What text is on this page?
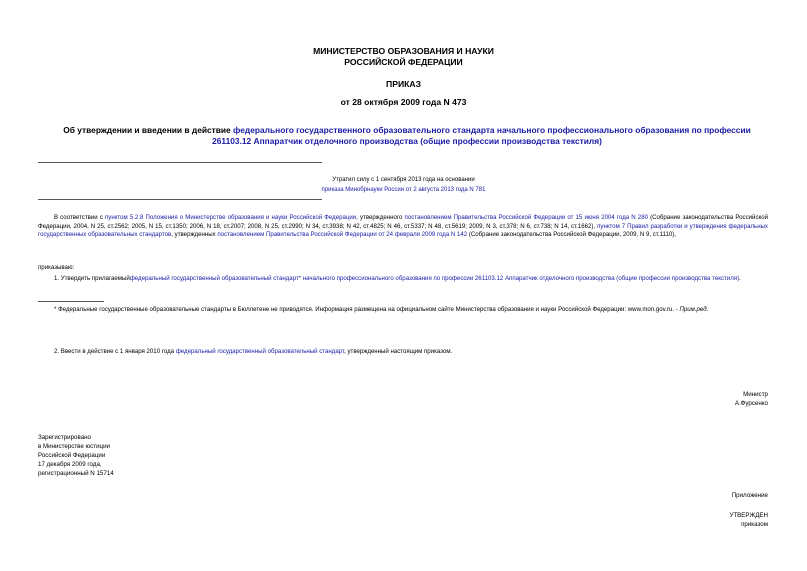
МИНИСТЕРСТВО ОБРАЗОВАНИЯ И НАУКИ
РОССИЙСКОЙ ФЕДЕРАЦИИ
ПРИКАЗ
от 28 октября 2009 года N 473
Об утверждении и введении в действие федерального государственного образовательного стандарта начального профессионального образования по профессии 261103.12 Аппаратчик отделочного производства (общие профессии производства текстиля)
Утратил силу с 1 сентября 2013 года на основании
приказа Минобрнауки России от 2 августа 2013 года N 781
В соответствии с пунктом 5.2.8 Положения о Министерстве образования и науки Российской Федерации, утвержденного постановлением Правительства Российской Федерации от 15 июня 2004 года N 280 (Собрание законодательства Российской Федерации, 2004, N 25, ст.2562; 2005, N 15, ст.1350; 2006, N 18, ст.2007; 2008, N 25, ст.2990; N 34, ст.3938; N 42, ст.4825; N 46, ст.5337; N 48, ст.5619; 2009, N 3, ст.378; N 6, ст.738; N 14, ст.1662), пунктом 7 Правил разработки и утверждения федеральных государственных образовательных стандартов, утвержденных постановлением Правительства Российской Федерации от 24 февраля 2009 года N 142 (Собрание законодательства Российской Федерации, 2009, N 9, ст.1110),
приказываю:
1. Утвердить прилагаемыйфедеральный государственный образовательный стандарт* начального профессионального образования по профессии 261103.12 Аппаратчик отделочного производства (общие профессии производства текстиля).
* Федеральные государственные образовательные стандарты в Бюллетене не приводятся. Информация размещена на официальном сайте Министерства образования и науки Российской Федерации: www.mon.gov.ru. - Прим.ред.
2. Ввести в действие с 1 января 2010 года федеральный государственный образовательный стандарт, утвержденный настоящим приказом.
Министр
А.Фурсенко
Зарегистрировано
в Министерстве юстиции
Российской Федерации
17 декабря 2009 года,
регистрационный N 15714
Приложение
УТВЕРЖДЕН
приказом
